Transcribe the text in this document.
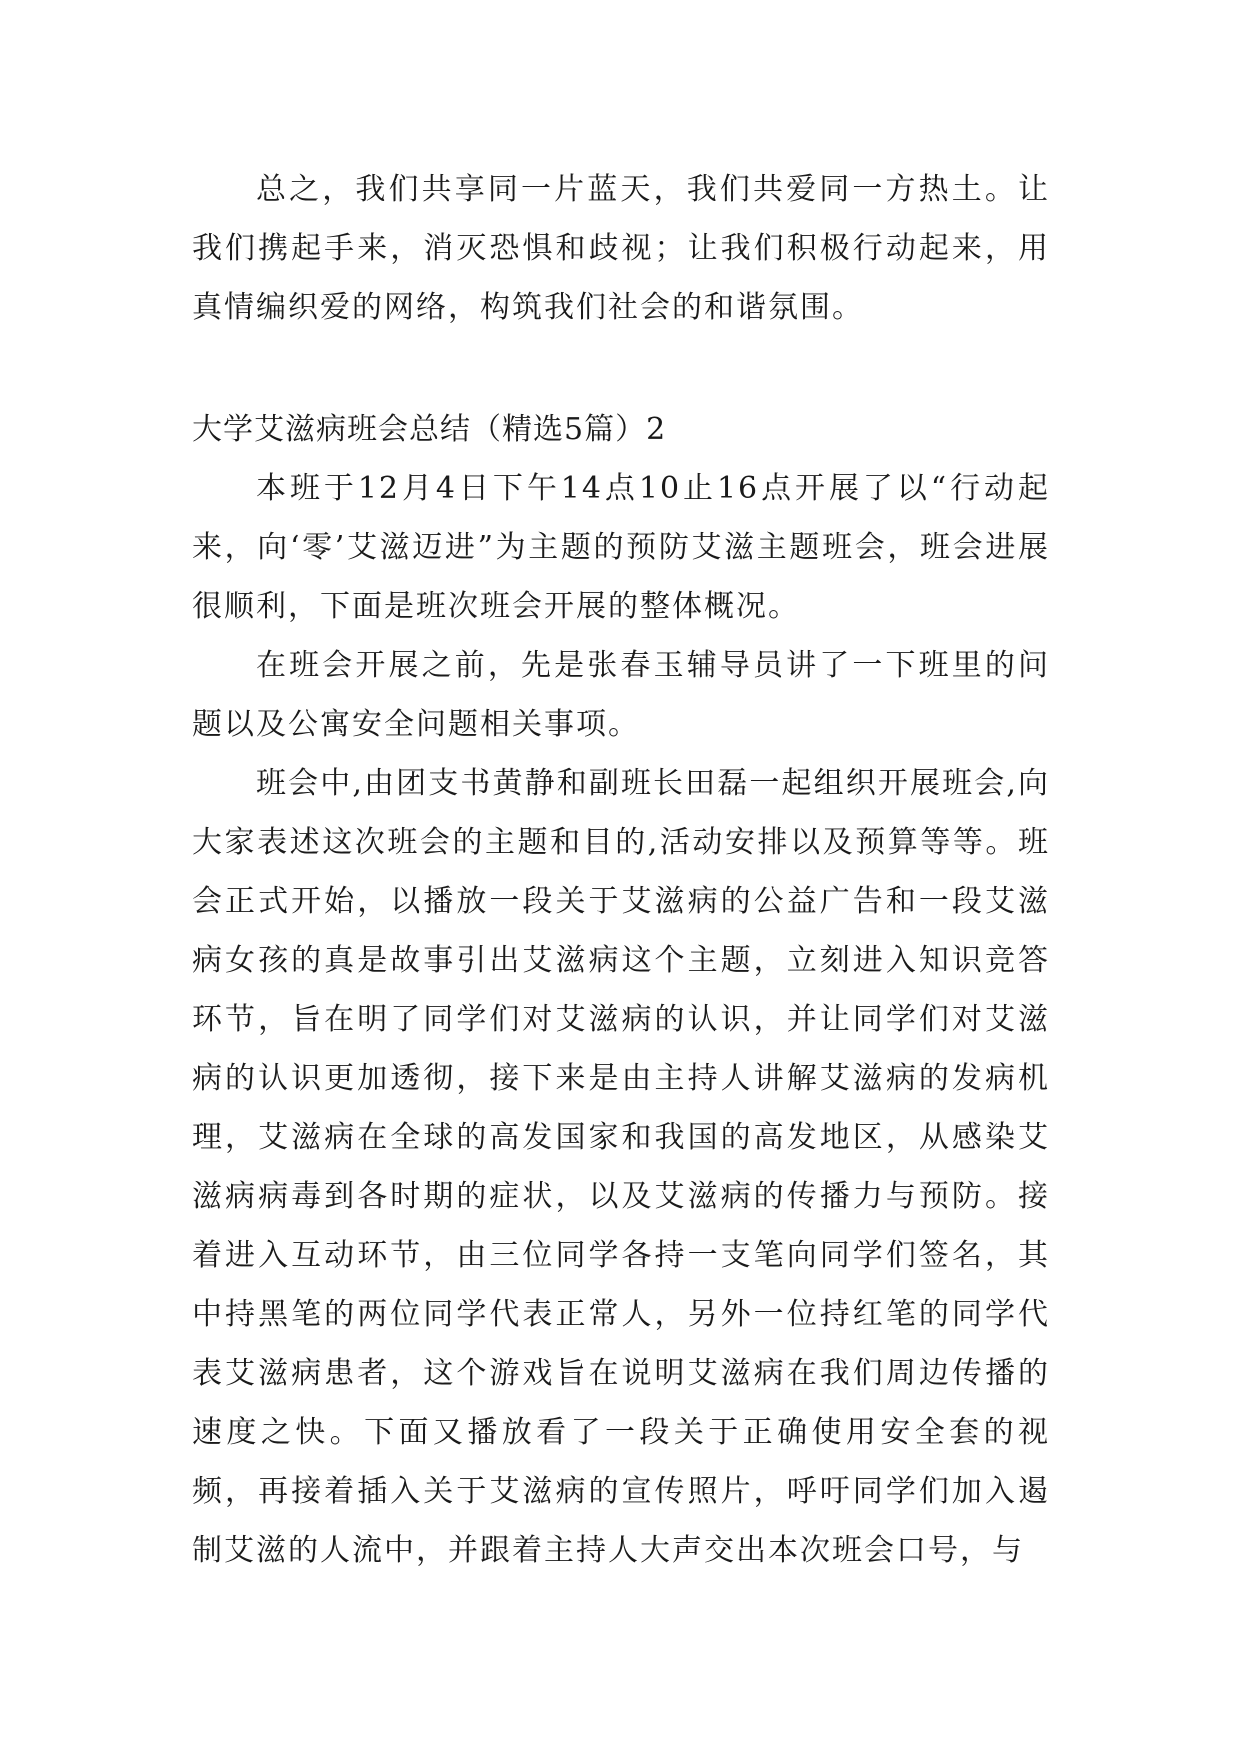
总之，我们共享同一片蓝天，我们共爱同一方热土。让我们携起手来，消灭恐惧和歧视；让我们积极行动起来，用真情编织爱的网络，构筑我们社会的和谐氛围。

大学艾滋病班会总结（精选5篇）2

本班于12月4日下午14点10止16点开展了以“行动起来，向‘零’艾滋迈进”为主题的预防艾滋主题班会，班会进展很顺利，下面是班次班会开展的整体概况。

在班会开展之前，先是张春玉辅导员讲了一下班里的问题以及公寓安全问题相关事项。

班会中,由团支书黄静和副班长田磊一起组织开展班会,向大家表述这次班会的主题和目的,活动安排以及预算等等。班会正式开始，以播放一段关于艾滋病的公益广告和一段艾滋病女孩的真是故事引出艾滋病这个主题，立刻进入知识竞答环节，旨在明了同学们对艾滋病的认识，并让同学们对艾滋病的认识更加透彻，接下来是由主持人讲解艾滋病的发病机理，艾滋病在全球的高发国家和我国的高发地区，从感染艾滋病病毒到各时期的症状，以及艾滋病的传播力与预防。接着进入互动环节，由三位同学各持一支笔向同学们签名，其中持黑笔的两位同学代表正常人，另外一位持红笔的同学代表艾滋病患者，这个游戏旨在说明艾滋病在我们周边传播的速度之快。下面又播放看了一段关于正确使用安全套的视频，再接着插入关于艾滋病的宣传照片，呼吁同学们加入遏制艾滋的人流中，并跟着主持人大声交出本次班会口号，与
